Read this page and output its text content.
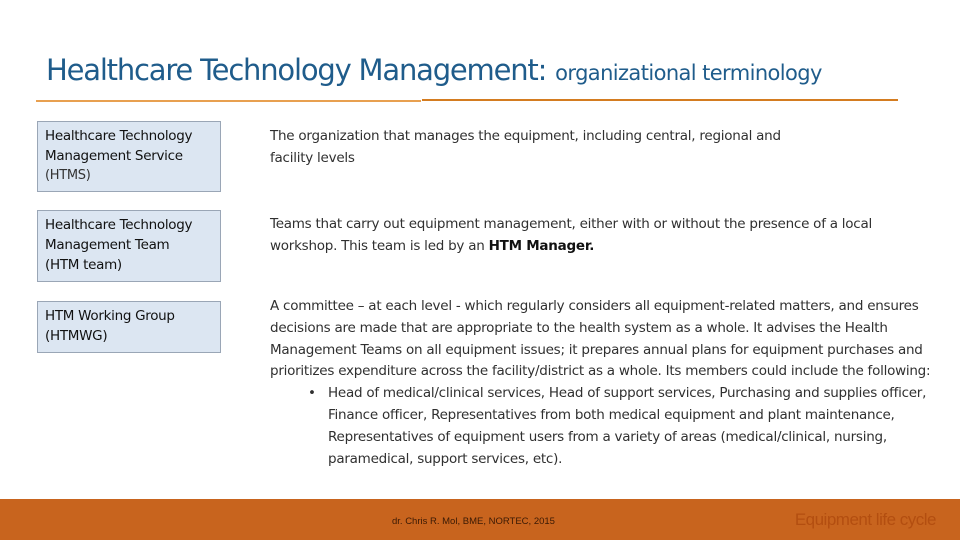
Healthcare Technology Management: organizational terminology
Healthcare Technology
Management Service
(HTMS)
The organization that manages the equipment, including central, regional and facility levels
Healthcare Technology
Management Team
(HTM team)
Teams that carry out equipment management, either with or without the presence of a local workshop. This team is led by an HTM Manager.
HTM Working Group
(HTMWG)
A committee – at each level - which regularly considers all equipment-related matters, and ensures decisions are made that are appropriate to the health system as a whole. It advises the Health Management Teams on all equipment issues; it prepares annual plans for equipment purchases and prioritizes expenditure across the facility/district as a whole. Its members could include the following:
• Head of medical/clinical services, Head of support services, Purchasing and supplies officer, Finance officer, Representatives from both medical equipment and plant maintenance, Representatives of equipment users from a variety of areas (medical/clinical, nursing, paramedical, support services, etc).
dr. Chris R. Mol, BME, NORTEC, 2015	Equipment life cycle
